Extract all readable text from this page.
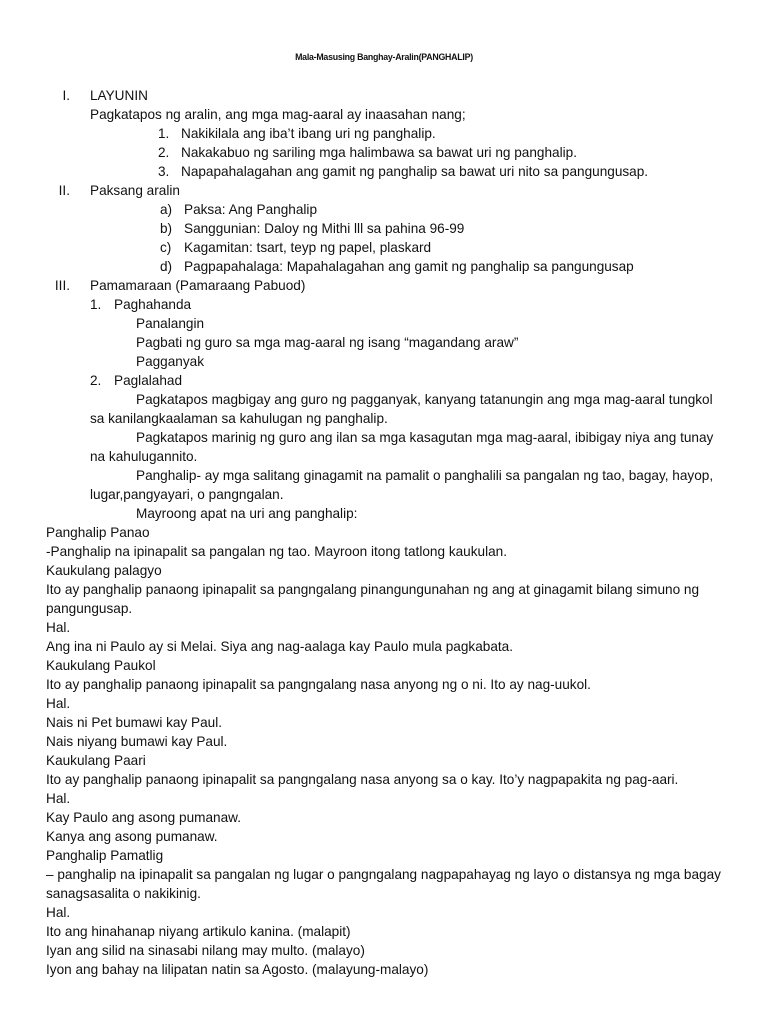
Mala-Masusing Banghay-Aralin(PANGHALIP)
I. LAYUNIN
Pagkatapos ng aralin, ang mga mag-aaral ay inaasahan nang;
1. Nakikilala ang iba’t ibang uri ng panghalip.
2. Nakakabuo ng sariling mga halimbawa sa bawat uri ng panghalip.
3. Napapahalagahan ang gamit ng panghalip sa bawat uri nito sa pangungusap.
II. Paksang aralin
a) Paksa: Ang Panghalip
b) Sanggunian: Daloy ng Mithi lll sa pahina 96-99
c) Kagamitan: tsart, teyp ng papel, plaskard
d) Pagpapahalaga: Mapahalagahan ang gamit ng panghalip sa pangungusap
III. Pamamaraan (Pamaraang Pabuod)
1. Paghahanda
Panalangin
Pagbati ng guro sa mga mag-aaral ng isang “magandang araw”
Pagganyak
2. Paglalahad
Pagkatapos magbigay ang guro ng pagganyak, kanyang tatanungin ang mga mag-aaral tungkol
sa kanilangkaalaman sa kahulugan ng panghalip.
Pagkatapos marinig ng guro ang ilan sa mga kasagutan mga mag-aaral, ibibigay niya ang tunay
na kahulugannito.
Panghalip- ay mga salitang ginagamit na pamalit o panghalili sa pangalan ng tao, bagay, hayop,
lugar,pangyayari, o pangngalan.
Mayroong apat na uri ang panghalip:
Panghalip Panao
-Panghalip na ipinapalit sa pangalan ng tao. Mayroon itong tatlong kaukulan.
Kaukulang palagyo
Ito ay panghalip panaong ipinapalit sa pangngalang pinangungunahan ng ang at ginagamit bilang simuno ng
pangungusap.
Hal.
Ang ina ni Paulo ay si Melai. Siya ang nag-aalaga kay Paulo mula pagkabata.
Kaukulang Paukol
Ito ay panghalip panaong ipinapalit sa pangngalang nasa anyong ng o ni. Ito ay nag-uukol.
Hal.
Nais ni Pet bumawi kay Paul.
Nais niyang bumawi kay Paul.
Kaukulang Paari
Ito ay panghalip panaong ipinapalit sa pangngalang nasa anyong sa o kay. Ito’y nagpapakita ng pag-aari.
Hal.
Kay Paulo ang asong pumanaw.
Kanya ang asong pumanaw.
Panghalip Pamatlig
– panghalip na ipinapalit sa pangalan ng lugar o pangngalang nagpapahayag ng layo o distansya ng mga bagay
sanagsasalita o nakikinig.
Hal.
Ito ang hinahanap niyang artikulo kanina. (malapit)
Iyan ang silid na sinasabi nilang may multo. (malayo)
Iyon ang bahay na lilipatan natin sa Agosto. (malayung-malayo)
